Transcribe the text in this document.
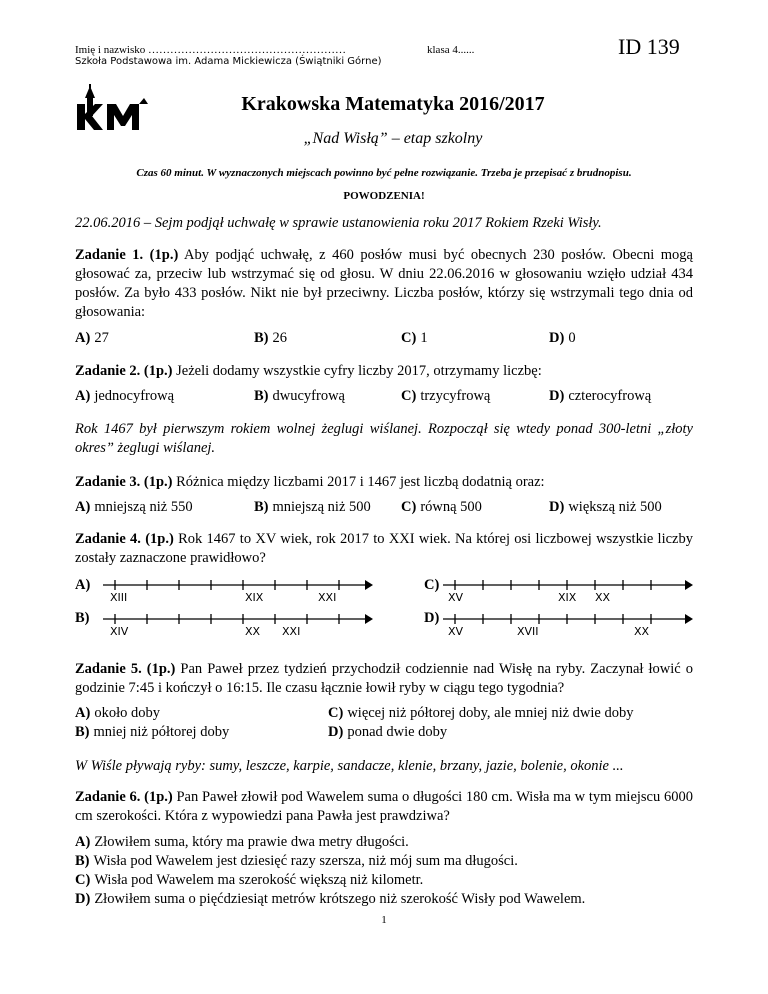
Imię i nazwisko ………………………………………………	klasa 4......
Szkoła Podstawowa im. Adama Mickiewicza (Świątniki Górne)
ID 139
Krakowska Matematyka 2016/2017
„Nad Wisłą” – etap szkolny
Czas 60 minut. W wyznaczonych miejscach powinno być pełne rozwiązanie. Trzeba je przepisać z brudnopisu.
POWODZENIA!
22.06.2016 – Sejm podjął uchwałę w sprawie ustanowienia roku 2017 Rokiem Rzeki Wisły.
Zadanie 1. (1p.) Aby podjąć uchwałę, z 460 posłów musi być obecnych 230 posłów. Obecni mogą głosować za, przeciw lub wstrzymać się od głosu. W dniu 22.06.2016 w głosowaniu wzięło udział 434 posłów. Za było 433 posłów. Nikt nie był przeciwny. Liczba posłów, którzy się wstrzymali tego dnia od głosowania:
A) 27	B) 26	C) 1	D) 0
Zadanie 2. (1p.) Jeżeli dodamy wszystkie cyfry liczby 2017, otrzymamy liczbę:
A) jednocyfrową	B) dwucyfrową	C) trzycyfrową	D) czterocyfrową
Rok 1467 był pierwszym rokiem wolnej żeglugi wiślanej. Rozpoczął się wtedy ponad 300-letni „złoty okres” żeglugi wiślanej.
Zadanie 3. (1p.) Różnica między liczbami 2017 i 1467 jest liczbą dodatnią oraz:
A) mniejszą niż 550	B) mniejszą niż 500 C) równą 500	D) większą niż 500
Zadanie 4. (1p.) Rok 1467 to XV wiek, rok 2017 to XXI wiek. Na której osi liczbowej wszystkie liczby zostały zaznaczone prawidłowo?
A)
XIII	XIX	XXI
C)
XV	XIX XX
B)
XIV	XX XXI
D)
XV	XVII	XX
Zadanie 5. (1p.) Pan Paweł przez tydzień przychodził codziennie nad Wisłę na ryby. Zaczynał łowić o godzinie 7:45 i kończył o 16:15. Ile czasu łącznie łowił ryby w ciągu tego tygodnia?
A) około doby
B) mniej niż półtorej doby
C) więcej niż półtorej doby, ale mniej niż dwie doby
D) ponad dwie doby
W Wiśle pływają ryby: sumy, leszcze, karpie, sandacze, klenie, brzany, jazie, bolenie, okonie ...
Zadanie 6. (1p.) Pan Paweł złowił pod Wawelem suma o długości 180 cm. Wisła ma w tym miejscu 6000 cm szerokości. Która z wypowiedzi pana Pawła jest prawdziwa?
A) Złowiłem suma, który ma prawie dwa metry długości.
B) Wisła pod Wawelem jest dziesięć razy szersza, niż mój sum ma długości.
C) Wisła pod Wawelem ma szerokość większą niż kilometr.
D) Złowiłem suma o pięćdziesiąt metrów krótszego niż szerokość Wisły pod Wawelem.
1
